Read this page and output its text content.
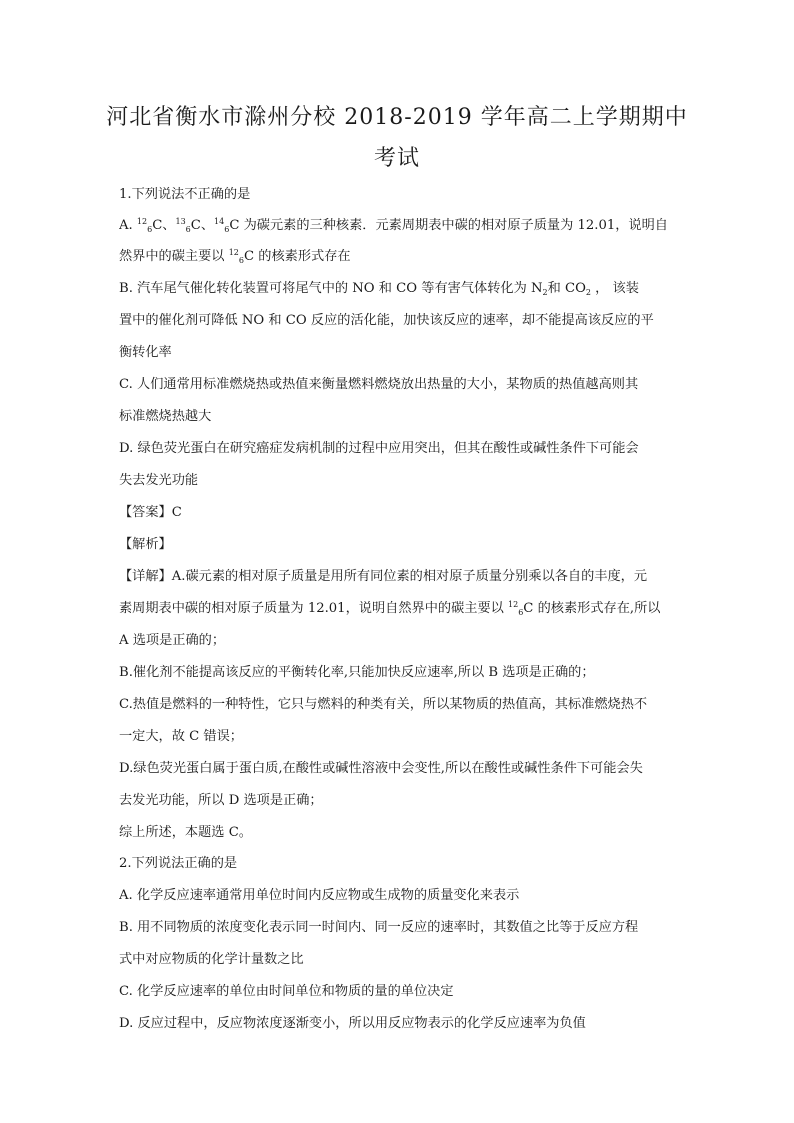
河北省衡水市滁州分校 2018-2019 学年高二上学期期中
考试
1.下列说法不正确的是
A. $^{12}_6$C、$^{13}_6$C、$^{14}_6$C 为碳元素的三种核素．元素周期表中碳的相对原子质量为 12.01，说明自
然界中的碳主要以 $^{12}_6$C 的核素形式存在
B. 汽车尾气催化转化装置可将尾气中的 NO 和 CO 等有害气体转化为 $N_2$和 $CO_2$ ， 该装
置中的催化剂可降低 NO 和 CO 反应的活化能，加快该反应的速率，却不能提高该反应的平
衡转化率
C. 人们通常用标准燃烧热或热值来衡量燃料燃烧放出热量的大小，某物质的热值越高则其
标准燃烧热越大
D. 绿色荧光蛋白在研究癌症发病机制的过程中应用突出，但其在酸性或碱性条件下可能会
失去发光功能
【答案】C
【解析】
【详解】A.碳元素的相对原子质量是用所有同位素的相对原子质量分别乘以各自的丰度，元
素周期表中碳的相对原子质量为 12.01，说明自然界中的碳主要以 $^{12}_6$C 的核素形式存在,所以
A 选项是正确的；
B.催化剂不能提高该反应的平衡转化率,只能加快反应速率,所以 B 选项是正确的；
C.热值是燃料的一种特性，它只与燃料的种类有关，所以某物质的热值高，其标准燃烧热不
一定大，故 C 错误；
D.绿色荧光蛋白属于蛋白质,在酸性或碱性溶液中会变性,所以在酸性或碱性条件下可能会失
去发光功能，所以 D 选项是正确；
综上所述，本题选 C。
2.下列说法正确的是
A. 化学反应速率通常用单位时间内反应物或生成物的质量变化来表示
B. 用不同物质的浓度变化表示同一时间内、同一反应的速率时，其数值之比等于反应方程
式中对应物质的化学计量数之比
C. 化学反应速率的单位由时间单位和物质的量的单位决定
D. 反应过程中，反应物浓度逐渐变小，所以用反应物表示的化学反应速率为负值
